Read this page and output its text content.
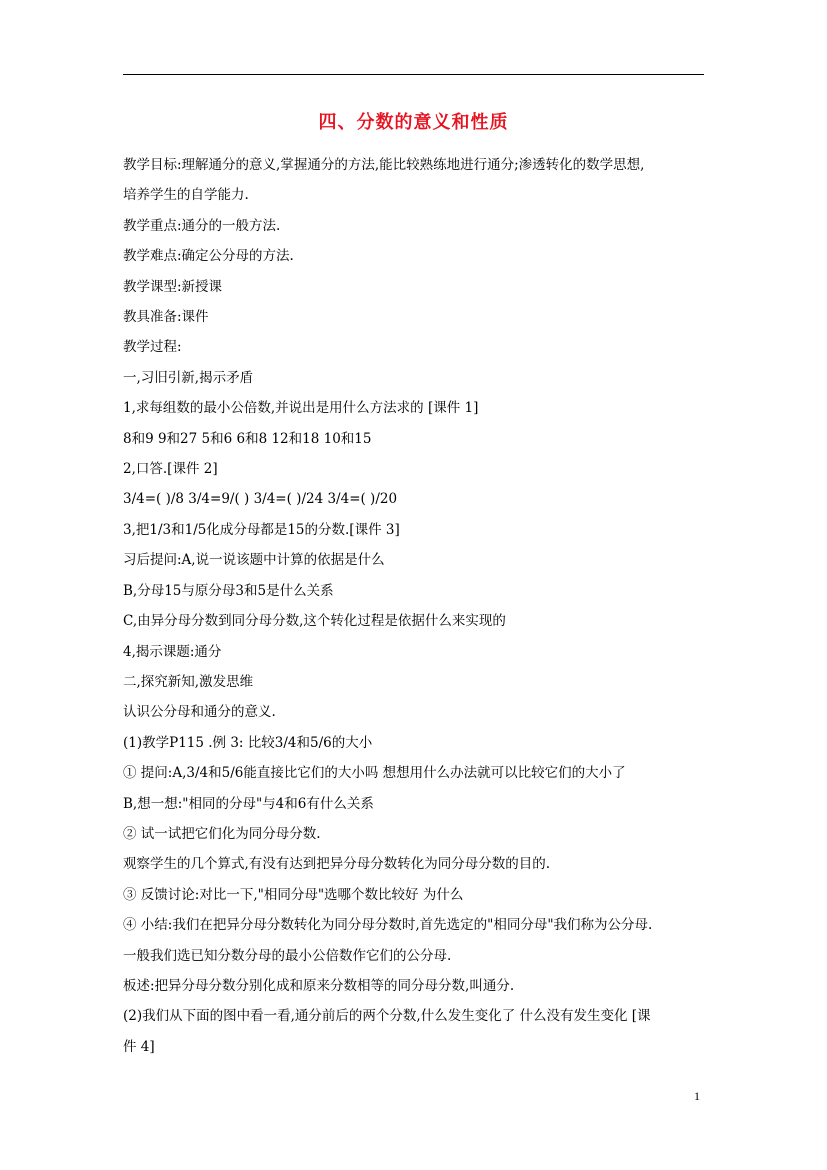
四、分数的意义和性质

教学目标:理解通分的意义,掌握通分的方法,能比较熟练地进行通分;渗透转化的数学思想,

培养学生的自学能力.

教学重点:通分的一般方法.

教学难点:确定公分母的方法.

教学课型:新授课

教具准备:课件

教学过程:

一,习旧引新,揭示矛盾

1,求每组数的最小公倍数,并说出是用什么方法求的 [课件 1]

8和9 9和27 5和6 6和8 12和18 10和15

2,口答.[课件 2]

3/4=( )/8 3/4=9/( ) 3/4=( )/24 3/4=( )/20

3,把1/3和1/5化成分母都是15的分数.[课件 3]

习后提问:A,说一说该题中计算的依据是什么

B,分母15与原分母3和5是什么关系

C,由异分母分数到同分母分数,这个转化过程是依据什么来实现的

4,揭示课题:通分

二,探究新知,激发思维

认识公分母和通分的意义.

(1)教学P115 .例 3: 比较3/4和5/6的大小

① 提问:A,3/4和5/6能直接比它们的大小吗 想想用什么办法就可以比较它们的大小了

B,想一想:"相同的分母"与4和6有什么关系

② 试一试把它们化为同分母分数.

观察学生的几个算式,有没有达到把异分母分数转化为同分母分数的目的.

③ 反馈讨论:对比一下,"相同分母"选哪个数比较好 为什么

④ 小结:我们在把异分母分数转化为同分母分数时,首先选定的"相同分母"我们称为公分母.

一般我们选已知分数分母的最小公倍数作它们的公分母.

板述:把异分母分数分别化成和原来分数相等的同分母分数,叫通分.

(2)我们从下面的图中看一看,通分前后的两个分数,什么发生变化了 什么没有发生变化 [课

件 4]

1
